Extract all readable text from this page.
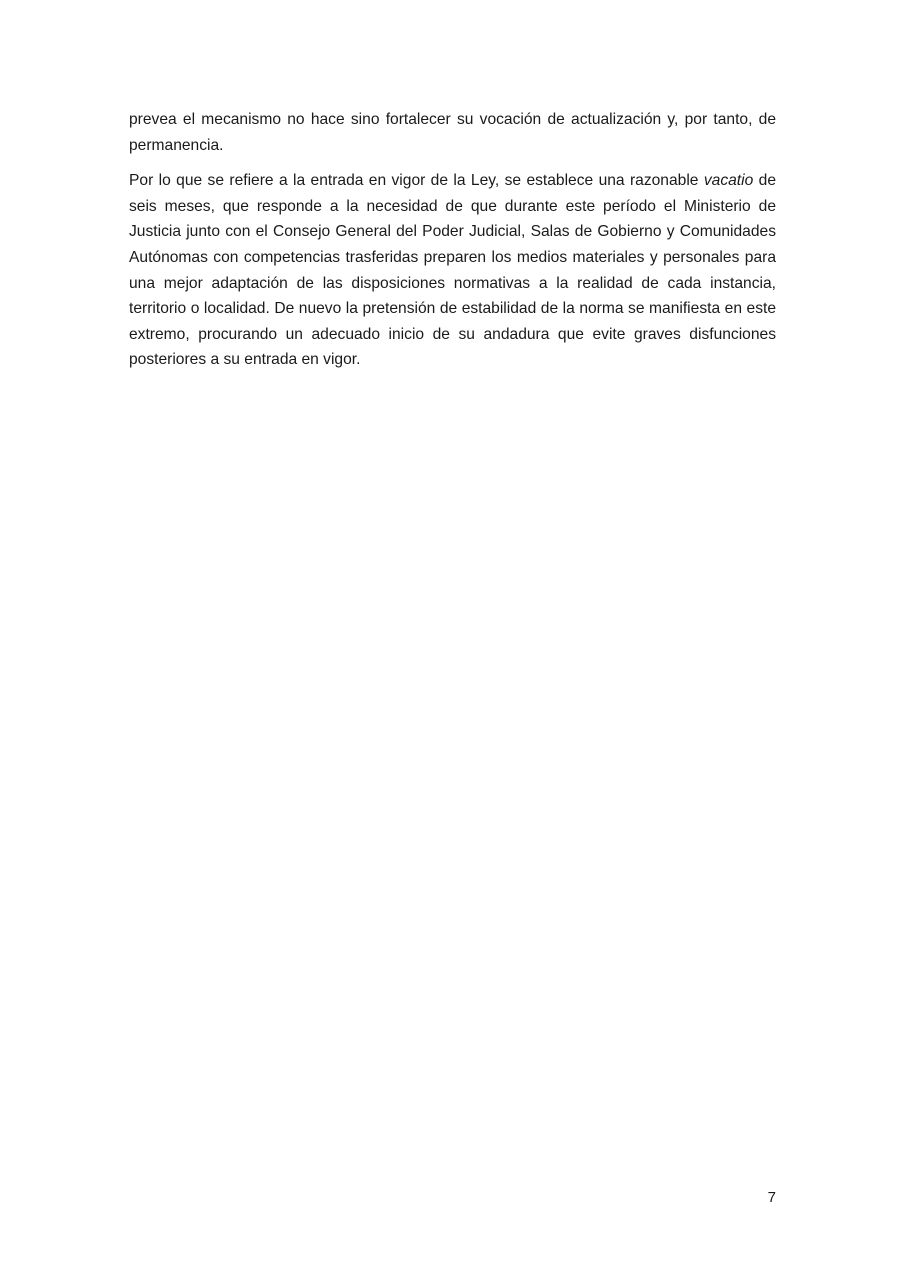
prevea el mecanismo no hace sino fortalecer su vocación de actualización y, por tanto, de permanencia.

Por lo que se refiere a la entrada en vigor de la Ley, se establece una razonable vacatio de seis meses, que responde a la necesidad de que durante este período el Ministerio de Justicia junto con el Consejo General del Poder Judicial, Salas de Gobierno y Comunidades Autónomas con competencias trasferidas preparen los medios materiales y personales para una mejor adaptación de las disposiciones normativas a la realidad de cada instancia, territorio o localidad. De nuevo la pretensión de estabilidad de la norma se manifiesta en este extremo, procurando un adecuado inicio de su andadura que evite graves disfunciones posteriores a su entrada en vigor.

7
